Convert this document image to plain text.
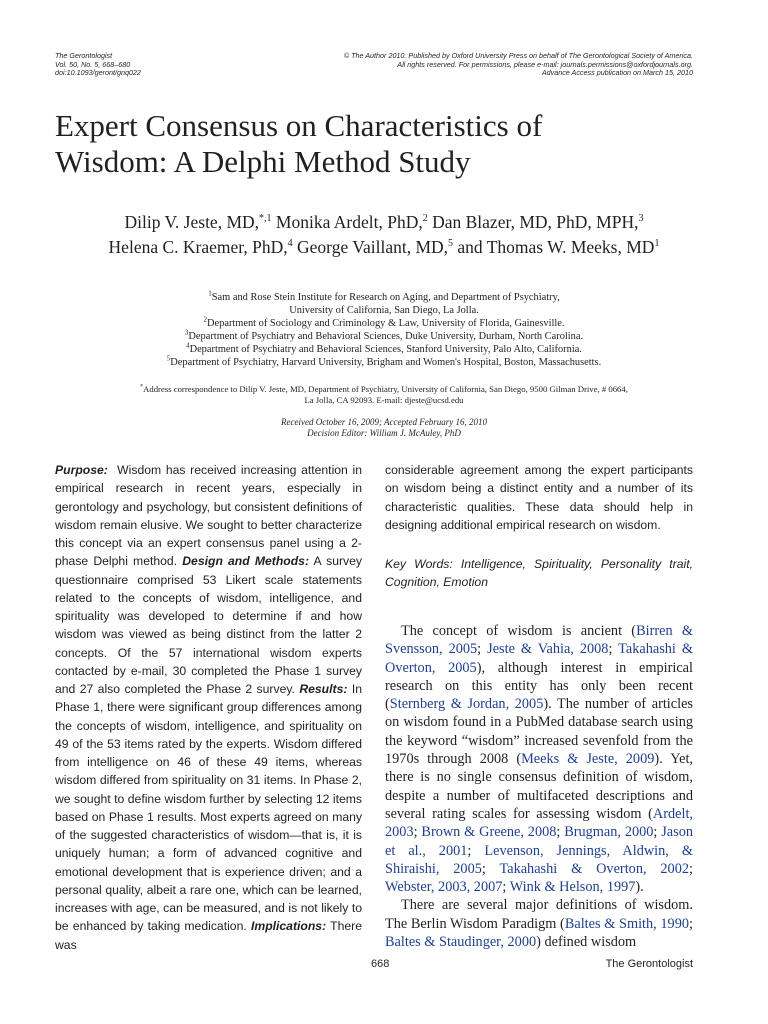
The Gerontologist
Vol. 50, No. 5, 668–680
doi:10.1093/geront/gnq022
© The Author 2010. Published by Oxford University Press on behalf of The Gerontological Society of America.
All rights reserved. For permissions, please e-mail: journals.permissions@oxfordjournals.org.
Advance Access publication on March 15, 2010
Expert Consensus on Characteristics of
Wisdom: A Delphi Method Study
Dilip V. Jeste, MD,$^{*,1}$ Monika Ardelt, PhD,$^2$ Dan Blazer, MD, PhD, MPH,$^3$
Helena C. Kraemer, PhD,$^4$ George Vaillant, MD,$^5$ and Thomas W. Meeks, $MD^1$
$^1$Sam and Rose Stein Institute for Research on Aging, and Department of Psychiatry,
University of California, San Diego, La Jolla.
$^2$Department of Sociology and Criminology & Law, University of Florida, Gainesville.
$^3$Department of Psychiatry and Behavioral Sciences, Duke University, Durham, North Carolina.
$^4$Department of Psychiatry and Behavioral Sciences, Stanford University, Palo Alto, California.
$^5$Department of Psychiatry, Harvard University, Brigham and Women's Hospital, Boston, Massachusetts.
*Address correspondence to Dilip V. Jeste, MD, Department of Psychiatry, University of California, San Diego, 9500 Gilman Drive, # 0664,
La Jolla, CA 92093. E-mail: djeste@ucsd.edu
Received October 16, 2009; Accepted February 16, 2010
Decision Editor: William J. McAuley, PhD
Purpose: Wisdom has received increasing attention in empirical research in recent years, especially in gerontology and psychology, but consistent definitions of wisdom remain elusive. We sought to better characterize this concept via an expert consensus panel using a 2-phase Delphi method. Design and Methods: A survey questionnaire comprised 53 Likert scale statements related to the concepts of wisdom, intelligence, and spirituality was developed to determine if and how wisdom was viewed as being distinct from the latter 2 concepts. Of the 57 international wisdom experts contacted by e-mail, 30 completed the Phase 1 survey and 27 also completed the Phase 2 survey. Results: In Phase 1, there were significant group differences among the concepts of wisdom, intelligence, and spirituality on 49 of the 53 items rated by the experts. Wisdom differed from intelligence on 46 of these 49 items, whereas wisdom differed from spirituality on 31 items. In Phase 2, we sought to define wisdom further by selecting 12 items based on Phase 1 results. Most experts agreed on many of the suggested characteristics of wisdom—that is, it is uniquely human; a form of advanced cognitive and emotional development that is experience driven; and a personal quality, albeit a rare one, which can be learned, increases with age, can be measured, and is not likely to be enhanced by taking medication. Implications: There was
considerable agreement among the expert participants on wisdom being a distinct entity and a number of its characteristic qualities. These data should help in designing additional empirical research on wisdom.
Key Words: Intelligence, Spirituality, Personality trait, Cognition, Emotion

The concept of wisdom is ancient (Birren & Svensson, 2005; Jeste & Vahia, 2008; Takahashi & Overton, 2005), although interest in empirical research on this entity has only been recent (Sternberg & Jordan, 2005). The number of articles on wisdom found in a PubMed database search using the keyword “wisdom” increased sevenfold from the 1970s through 2008 (Meeks & Jeste, 2009). Yet, there is no single consensus definition of wisdom, despite a number of multifaceted descriptions and several rating scales for assessing wisdom (Ardelt, 2003; Brown & Greene, 2008; Brugman, 2000; Jason et al., 2001; Levenson, Jennings, Aldwin, & Shiraishi, 2005; Takahashi & Overton, 2002; Webster, 2003, 2007; Wink & Helson, 1997).

There are several major definitions of wisdom. The Berlin Wisdom Paradigm (Baltes & Smith, 1990; Baltes & Staudinger, 2000) defined wisdom

668	The Gerontologist
